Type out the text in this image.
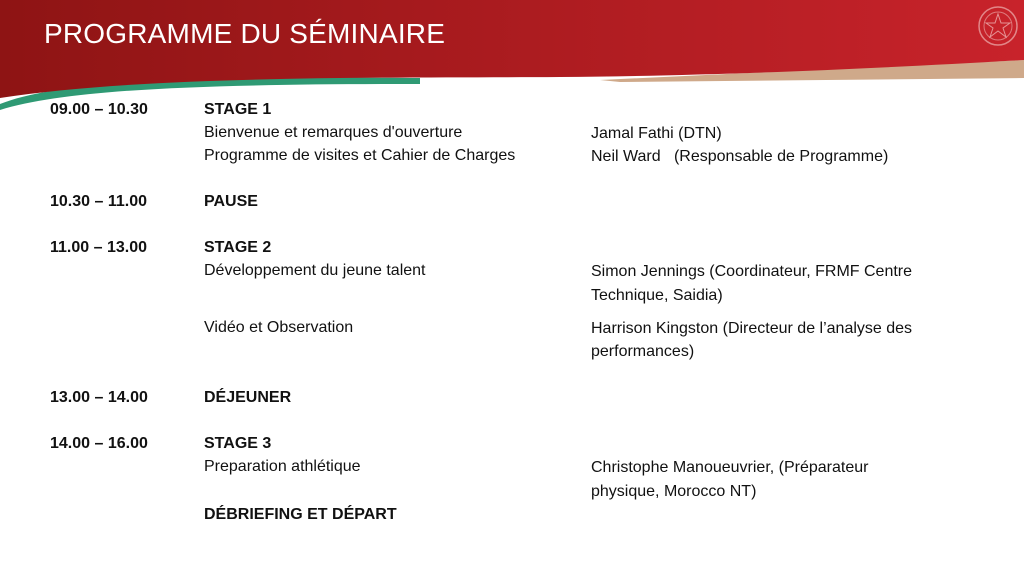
PROGRAMME DU SÉMINAIRE
09.00 – 10.30	STAGE 1
Bienvenue et remarques d'ouverture	Jamal Fathi (DTN)
Programme de visites et Cahier de Charges	Neil Ward   (Responsable de Programme)
10.30 – 11.00	PAUSE
11.00 – 13.00	STAGE 2
Développement du jeune talent	Simon Jennings (Coordinateur, FRMF Centre
Technique, Saidia)
Vidéo et Observation	Harrison Kingston (Directeur de l’analyse des
performances)
13.00 – 14.00	DÉJEUNER
14.00 – 16.00	STAGE 3
Preparation athlétique	Christophe Manoueuvrier, (Préparateur
physique, Morocco NT)
DÉBRIEFING ET DÉPART
